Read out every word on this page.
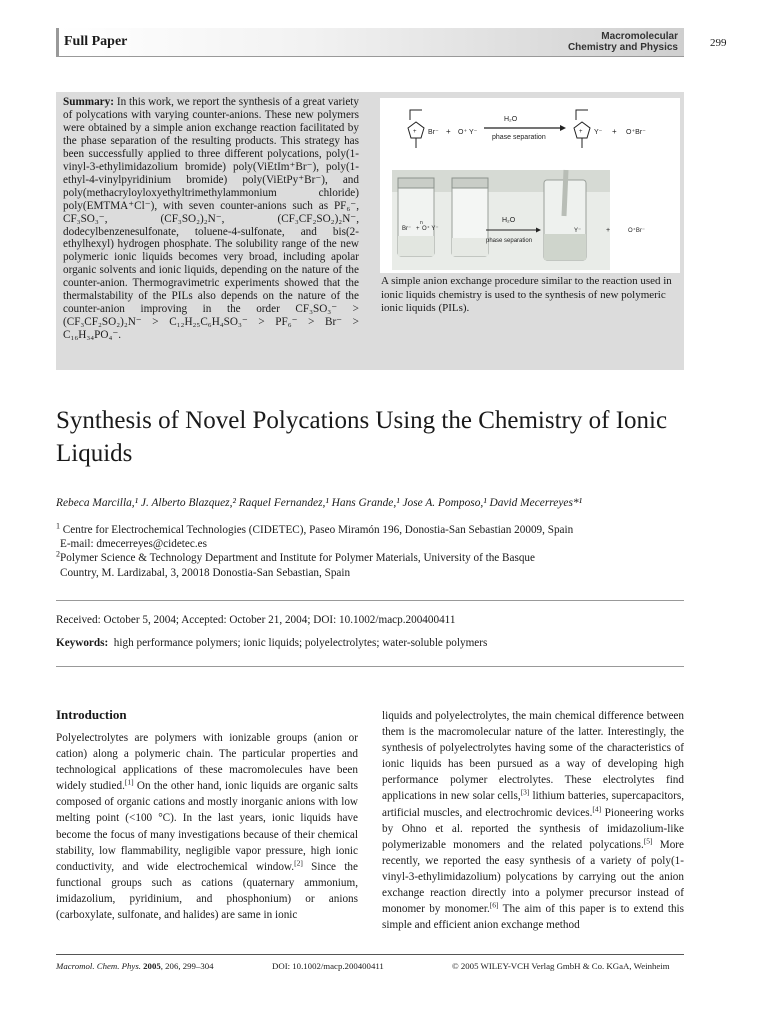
Full Paper	Macromolecular
Chemistry and Physics	299
Summary: In this work, we report the synthesis of a great variety of polycations with varying counter-anions. These new polymers were obtained by a simple anion exchange reaction facilitated by the phase separation of the resulting products. This strategy has been successfully applied to three different polycations, poly(1-vinyl-3-ethylimidazolium bromide) poly(ViEtIm⁺Br⁻), poly(1-ethyl-4-vinylpyridinium bromide) poly(ViEtPy⁺Br⁻), and poly(methacryloyloxyethyltrimethylammonium chloride) poly(EMTMA⁺Cl⁻), with seven counter-anions such as PF₆⁻, CF₃SO₃⁻, (CF₃SO₂)₂N⁻, (CF₃CF₂SO₂)₂N⁻, dodecylbenzenesulfonate, toluene-4-sulfonate, and bis(2-ethylhexyl) hydrogen phosphate. The solubility range of the new polymeric ionic liquids becomes very broad, including apolar organic solvents and ionic liquids, depending on the nature of the counter-anion. Thermogravimetric experiments showed that the thermalstability of the PILs also depends on the nature of the counter-anion improving in the order CF₃SO₃⁻ > (CF₃CF₂SO₂)₂N⁻ > C₁₂H₂₅C₆H₄SO₃⁻ > PF₆⁻ > Br⁻ > C₁₆H₃₄PO₄⁻.
+ Br⁻ + O⁺ Y⁻
H₂O
phase separation
+ Y⁻ + O⁺Br⁻
Br⁻ + O⁺ Y⁻
H₂O
phase separation
Y⁻	+	O⁺Br⁻
n
A simple anion exchange procedure similar to the reaction used in ionic liquids chemistry is used to the synthesis of new polymeric ionic liquids (PILs).
Synthesis of Novel Polycations Using the Chemistry of Ionic Liquids
Rebeca Marcilla,¹ J. Alberto Blazquez,² Raquel Fernandez,¹ Hans Grande,¹ Jose A. Pomposo,¹ David Mecerreyes*¹
$^1$ Centre for Electrochemical Technologies (CIDETEC), Paseo Miramón 196, Donostia-San Sebastian 20009, Spain
E-mail: dmecerreyes@cidetec.es
$^2$Polymer Science & Technology Department and Institute for Polymer Materials, University of the Basque
Country, M. Lardizabal, 3, 20018 Donostia-San Sebastian, Spain
Received: October 5, 2004; Accepted: October 21, 2004; DOI: 10.1002/macp.200400411
Keywords: high performance polymers; ionic liquids; polyelectrolytes; water-soluble polymers
Introduction
Polyelectrolytes are polymers with ionizable groups (anion or cation) along a polymeric chain. The particular properties and technological applications of these macromolecules have been widely studied.[1] On the other hand, ionic liquids are organic salts composed of organic cations and mostly inorganic anions with low melting point (<100 °C). In the last years, ionic liquids have become the focus of many investigations because of their chemical stability, low flammability, negligible vapor pressure, high ionic conductivity, and wide electrochemical window.[2] Since the functional groups such as cations (quaternary ammonium, imidazolium, pyridinium, and phosphonium) or anions (carboxylate, sulfonate, and halides) are same in ionic
liquids and polyelectrolytes, the main chemical difference between them is the macromolecular nature of the latter. Interestingly, the synthesis of polyelectrolytes having some of the characteristics of ionic liquids has been pursued as a way of developing high performance polymer electrolytes. These electrolytes find applications in new solar cells,[3] lithium batteries, supercapacitors, artificial muscles, and electrochromic devices.[4] Pioneering works by Ohno et al. reported the synthesis of imidazolium-like polymerizable monomers and the related polycations.[5] More recently, we reported the easy synthesis of a variety of poly(1-vinyl-3-ethylimidazolium) polycations by carrying out the anion exchange reaction directly into a polymer precursor instead of monomer by monomer.[6] The aim of this paper is to extend this simple and efficient anion exchange method
Macromol. Chem. Phys. 2005, 206, 299–304	DOI: 10.1002/macp.200400411	© 2005 WILEY-VCH Verlag GmbH & Co. KGaA, Weinheim
